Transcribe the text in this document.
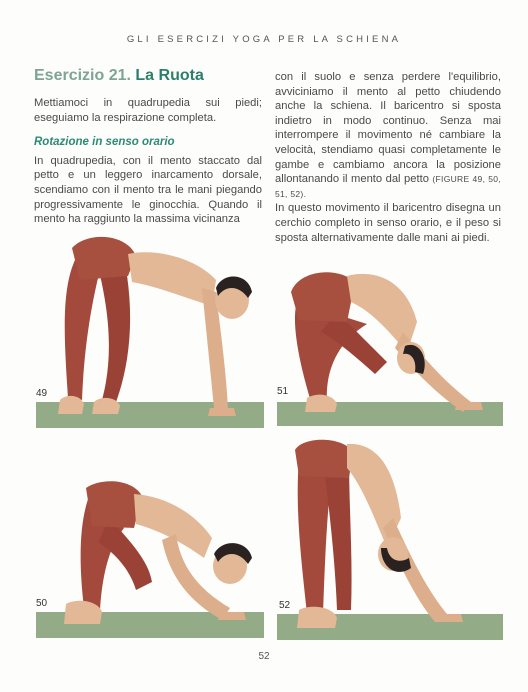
GLI ESERCIZI YOGA PER LA SCHIENA
Esercizio 21. La Ruota

Mettiamoci in quadrupedia sui piedi; eseguiamo la respirazione completa.

Rotazione in senso orario

In quadrupedia, con il mento staccato dal petto e un leggero inarcamento dorsale, scendiamo con il mento tra le mani piegando progressivamente le ginocchia. Quando il mento ha raggiunto la massima vicinanza

con il suolo e senza perdere l'equilibrio, avviciniamo il mento al petto chiudendo anche la schiena. Il baricentro si sposta indietro in modo continuo. Senza mai interrompere il movimento né cambiare la velocità, stendiamo quasi completamente le gambe e cambiamo ancora la posizione allontanando il mento dal petto (FIGURE 49, 50, 51, 52).

In questo movimento il baricentro disegna un cerchio completo in senso orario, e il peso si sposta alternativamente dalle mani ai piedi.

49	51
50	52
52
